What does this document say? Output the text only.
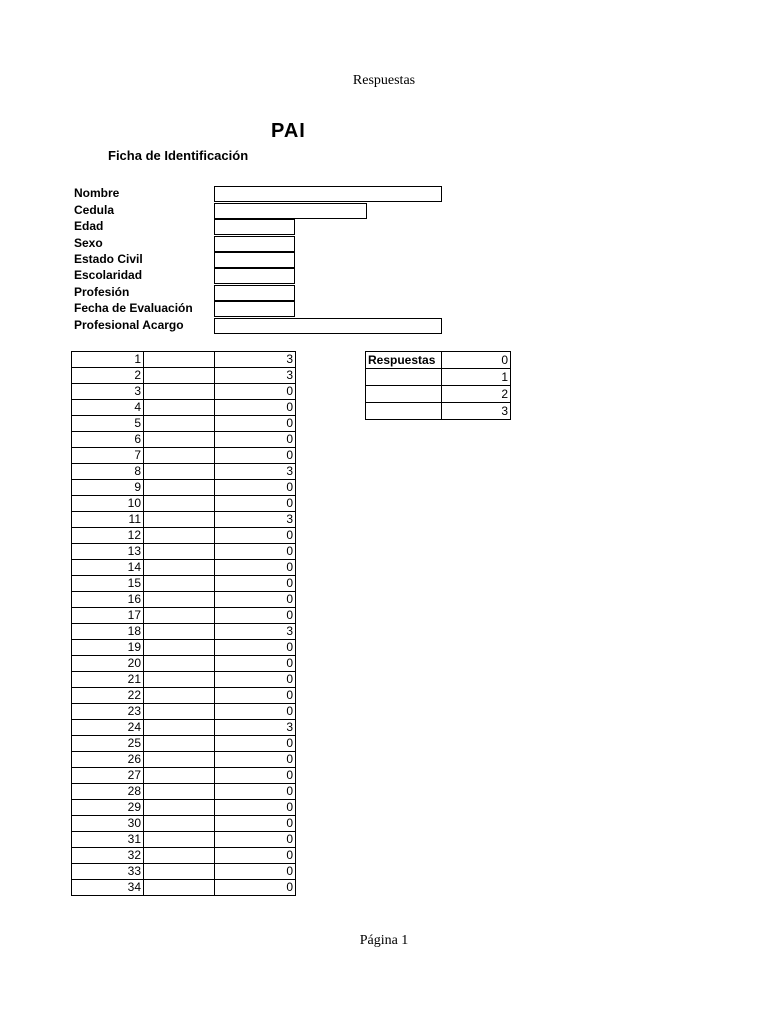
Respuestas
PAI
Ficha de Identificación
Nombre
Cedula
Edad
Sexo
Estado Civil
Escolaridad
Profesión
Fecha de Evaluación
Profesional Acargo
1		3
2		3
3		0
4		0
5		0
6		0
7		0
8		3
9		0
10		0
11		3
12		0
13		0
14		0
15		0
16		0
17		0
18		3
19		0
20		0
21		0
22		0
23		0
24		3
25		0
26		0
27		0
28		0
29		0
30		0
31		0
32		0
33		0
34		0
Respuestas	0
	1
	2
	3
Página 1
